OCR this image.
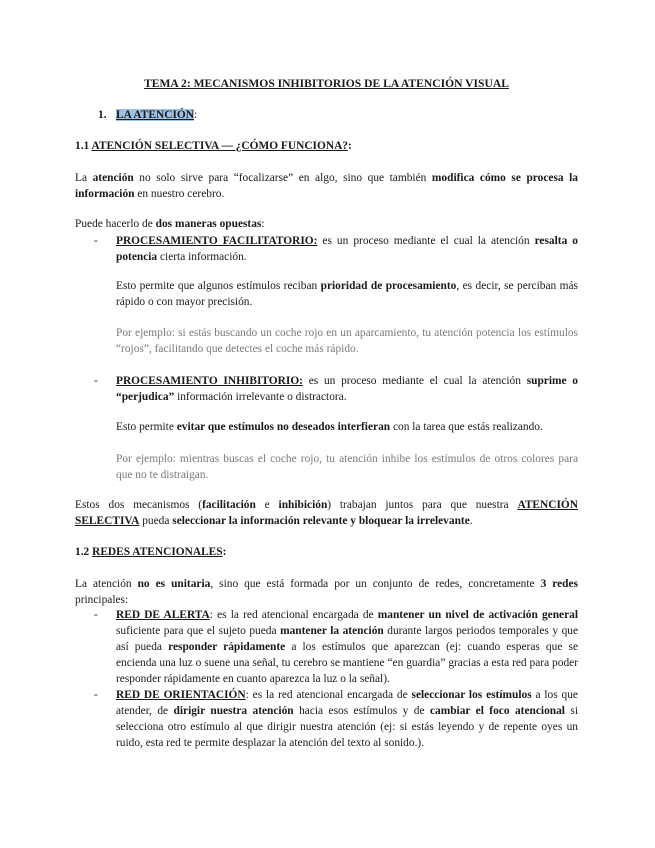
TEMA 2: MECANISMOS INHIBITORIOS DE LA ATENCIÓN VISUAL
1. LA ATENCIÓN:
1.1 ATENCIÓN SELECTIVA — ¿CÓMO FUNCIONA?:
La atención no solo sirve para “focalizarse” en algo, sino que también modifica cómo se procesa la información en nuestro cerebro.
Puede hacerlo de dos maneras opuestas:
- PROCESAMIENTO FACILITATORIO: es un proceso mediante el cual la atención resalta o potencia cierta información.
Esto permite que algunos estímulos reciban prioridad de procesamiento, es decir, se perciban más rápido o con mayor precisión.
Por ejemplo: si estás buscando un coche rojo en un aparcamiento, tu atención potencia los estímulos “rojos”, facilitando que detectes el coche más rápido.
- PROCESAMIENTO INHIBITORIO: es un proceso mediante el cual la atención suprime o “perjudica” información irrelevante o distractora.
Esto permite evitar que estímulos no deseados interfieran con la tarea que estás realizando.
Por ejemplo: mientras buscas el coche rojo, tu atención inhibe los estímulos de otros colores para que no te distraigan.
Estos dos mecanismos (facilitación e inhibición) trabajan juntos para que nuestra ATENCIÓN SELECTIVA pueda seleccionar la información relevante y bloquear la irrelevante.
1.2 REDES ATENCIONALES:
La atención no es unitaria, sino que está formada por un conjunto de redes, concretamente 3 redes principales:
- RED DE ALERTA: es la red atencional encargada de mantener un nivel de activación general suficiente para que el sujeto pueda mantener la atención durante largos periodos temporales y que así pueda responder rápidamente a los estímulos que aparezcan (ej: cuando esperas que se encienda una luz o suene una señal, tu cerebro se mantiene “en guardia” gracias a esta red para poder responder rápidamente en cuanto aparezca la luz o la señal).
- RED DE ORIENTACIÓN: es la red atencional encargada de seleccionar los estímulos a los que atender, de dirigir nuestra atención hacia esos estímulos y de cambiar el foco atencional si selecciona otro estímulo al que dirigir nuestra atención (ej: si estás leyendo y de repente oyes un ruido, esta red te permite desplazar la atención del texto al sonido.).
